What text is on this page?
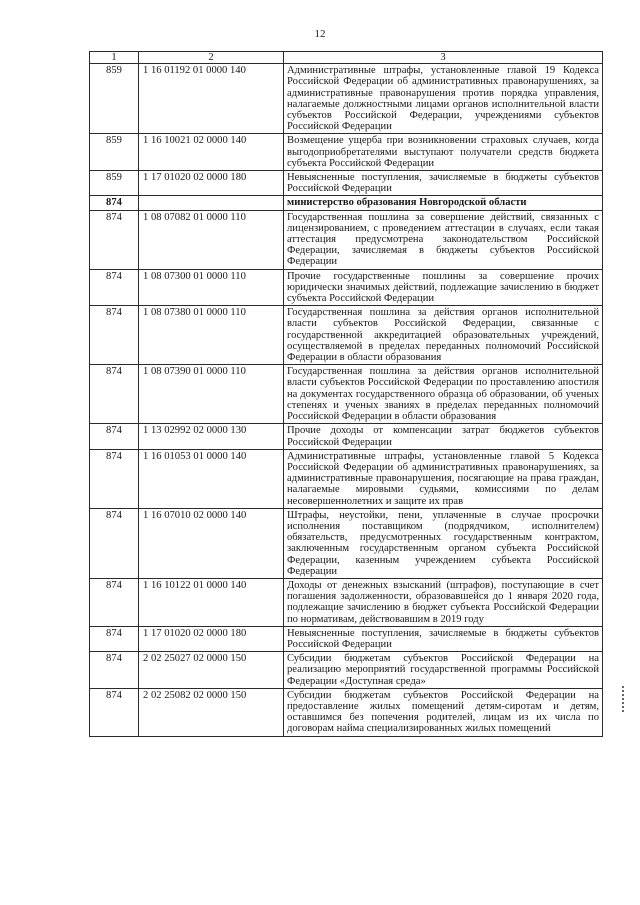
12
1	2	3
859	1 16 01192 01 0000 140	Административные штрафы, установленные главой 19 Кодекса Российской Федерации об административных правонарушениях, за административные правонарушения против порядка управления, налагаемые должностными лицами органов исполнительной власти субъектов Российской Федерации, учреждениями субъектов Российской Федерации
859	1 16 10021 02 0000 140	Возмещение ущерба при возникновении страховых случаев, когда выгодоприобретателями выступают получатели средств бюджета субъекта Российской Федерации
859	1 17 01020 02 0000 180	Невыясненные поступления, зачисляемые в бюджеты субъектов Российской Федерации
874		министерство образования Новгородской области
874	1 08 07082 01 0000 110	Государственная пошлина за совершение действий, связанных с лицензированием, с проведением аттестации в случаях, если такая аттестация предусмотрена законодательством Российской Федерации, зачисляемая в бюджеты субъектов Российской Федерации
874	1 08 07300 01 0000 110	Прочие государственные пошлины за совершение прочих юридически значимых действий, подлежащие зачислению в бюджет субъекта Российской Федерации
874	1 08 07380 01 0000 110	Государственная пошлина за действия органов исполнительной власти субъектов Российской Федерации, связанные с государственной аккредитацией образовательных учреждений, осуществляемой в пределах переданных полномочий Российской Федерации в области образования
874	1 08 07390 01 0000 110	Государственная пошлина за действия органов исполнительной власти субъектов Российской Федерации по проставлению апостиля на документах государственного образца об образовании, об ученых степенях и ученых званиях в пределах переданных полномочий Российской Федерации в области образования
874	1 13 02992 02 0000 130	Прочие доходы от компенсации затрат бюджетов субъектов Российской Федерации
874	1 16 01053 01 0000 140	Административные штрафы, установленные главой 5 Кодекса Российской Федерации об административных правонарушениях, за административные правонарушения, посягающие на права граждан, налагаемые мировыми судьями, комиссиями по делам несовершеннолетних и защите их прав
874	1 16 07010 02 0000 140	Штрафы, неустойки, пени, уплаченные в случае просрочки исполнения поставщиком (подрядчиком, исполнителем) обязательств, предусмотренных государственным контрактом, заключенным государственным органом субъекта Российской Федерации, казенным учреждением субъекта Российской Федерации
874	1 16 10122 01 0000 140	Доходы от денежных взысканий (штрафов), поступающие в счет погашения задолженности, образовавшейся до 1 января 2020 года, подлежащие зачислению в бюджет субъекта Российской Федерации по нормативам, действовавшим в 2019 году
874	1 17 01020 02 0000 180	Невыясненные поступления, зачисляемые в бюджеты субъектов Российской Федерации
874	2 02 25027 02 0000 150	Субсидии бюджетам субъектов Российской Федерации на реализацию мероприятий государственной программы Российской Федерации «Доступная среда»
874	2 02 25082 02 0000 150	Субсидии бюджетам субъектов Российской Федерации на предоставление жилых помещений детям-сиротам и детям, оставшимся без попечения родителей, лицам из их числа по договорам найма специализированных жилых помещений
